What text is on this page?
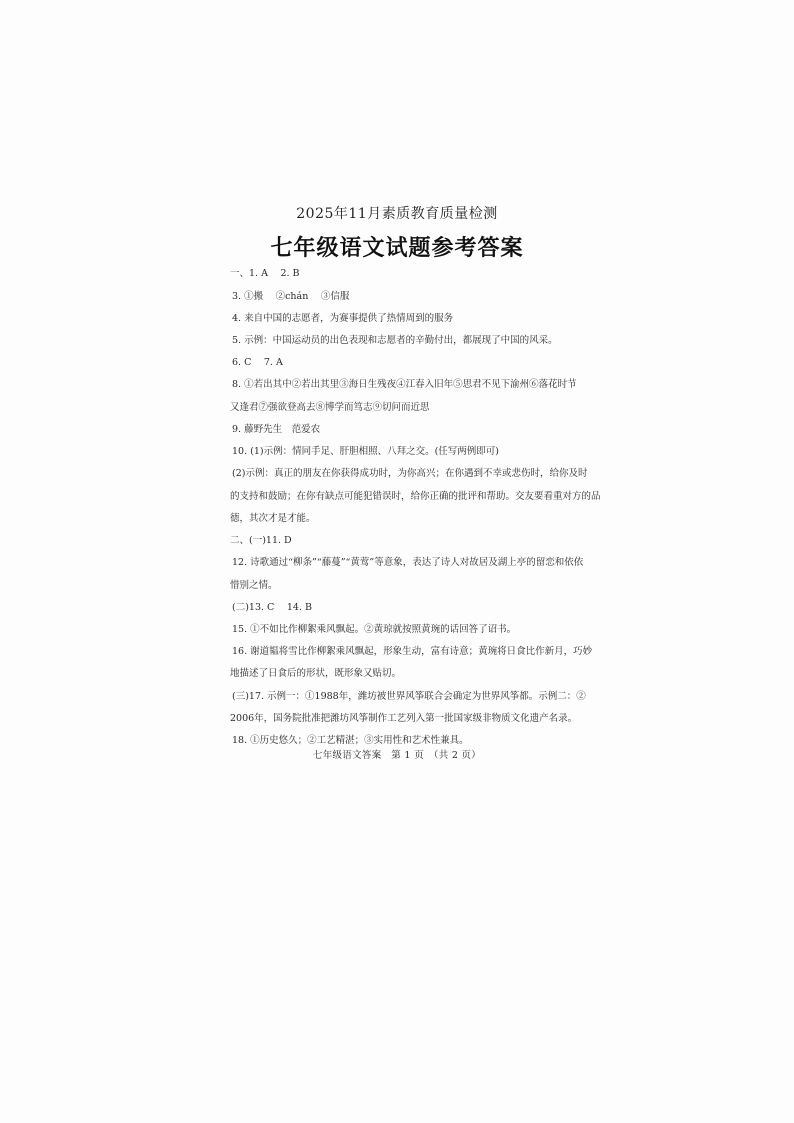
2025年11月素质教育质量检测
七年级语文试题参考答案
一、1. A　 2. B
3. ①搬　 ②chán　 ③信服
4. 来自中国的志愿者，为赛事提供了热情周到的服务
5. 示例：中国运动员的出色表现和志愿者的辛勤付出，都展现了中国的风采。
6. C　 7. A
8. ①若出其中②若出其里③海日生残夜④江春入旧年⑤思君不见下渝州⑥落花时节
又逢君⑦强欲登高去⑧博学而笃志⑨切问而近思
9. 藤野先生　范爱农
10. (1)示例：情同手足、肝胆相照、八拜之交。(任写两例即可)
(2)示例：真正的朋友在你获得成功时，为你高兴；在你遇到不幸或悲伤时，给你及时
的支持和鼓励；在你有缺点可能犯错误时，给你正确的批评和帮助。交友要看重对方的品
德，其次才是才能。
二、(一)11. D
12. 诗歌通过“柳条”“藤蔓”“黄莺”等意象，表达了诗人对故居及湖上亭的留恋和依依
惜别之情。
(二)13. C　 14. B
15. ①不如比作柳絮乘风飘起。②黄琼就按照黄琬的话回答了诏书。
16. 谢道韫将雪比作柳絮乘风飘起，形象生动，富有诗意；黄琬将日食比作新月，巧妙
地描述了日食后的形状，既形象又贴切。
(三)17. 示例一：①1988年，潍坊被世界风筝联合会确定为世界风筝都。示例二：②
2006年，国务院批准把潍坊风筝制作工艺列入第一批国家级非物质文化遗产名录。
18. ①历史悠久；②工艺精湛；③实用性和艺术性兼具。
七年级语文答案　第 1 页　（共 2 页）
